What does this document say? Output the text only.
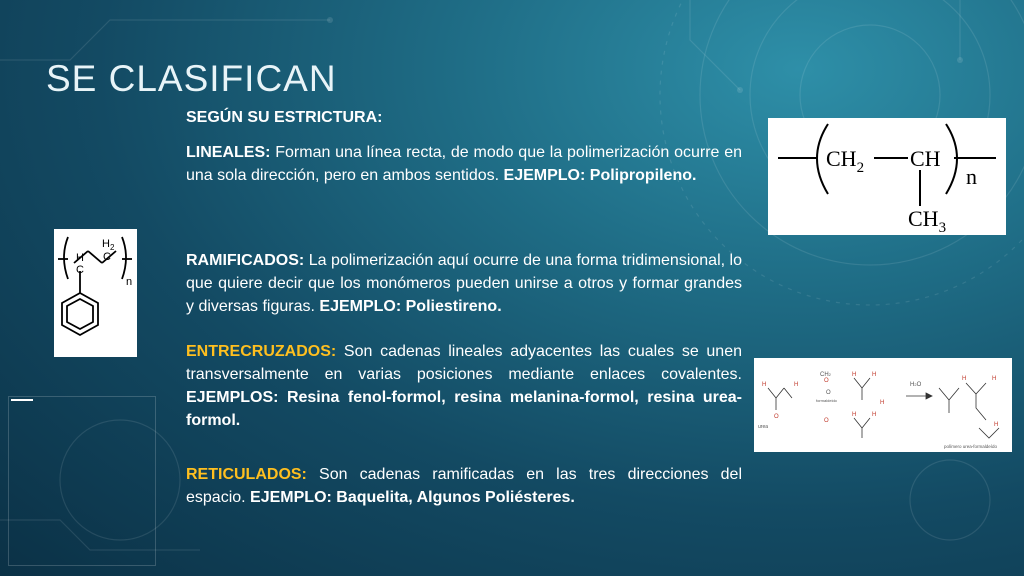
SE CLASIFICAN

SEGÚN SU ESTRICTURA:

LINEALES: Forman una línea recta, de modo que la polimerización ocurre en una sola dirección, pero en ambos sentidos. EJEMPLO: Polipropileno.

RAMIFICADOS: La polimerización aquí ocurre de una forma tridimensional, lo que quiere decir que los monómeros pueden unirse a otros y formar grandes y diversas figuras. EJEMPLO: Poliestireno.

ENTRECRUZADOS: Son cadenas lineales adyacentes las cuales se unen transversalmente en varias posiciones mediante enlaces covalentes. EJEMPLOS: Resina fenol-formol, resina melanina-formol, resina urea-formol.

RETICULADOS: Son cadenas ramificadas en las tres direcciones del espacio. EJEMPLO: Baquelita, Algunos Poliésteres.

$CH_2$ CH
n
$CH_3$
$H_2$
C
H
C
n
H	H
O
O
O
H	H
H	H
H
H	H
H
CH2
O
H2O
urea
formaldeido
polímero urea-formaldeído
